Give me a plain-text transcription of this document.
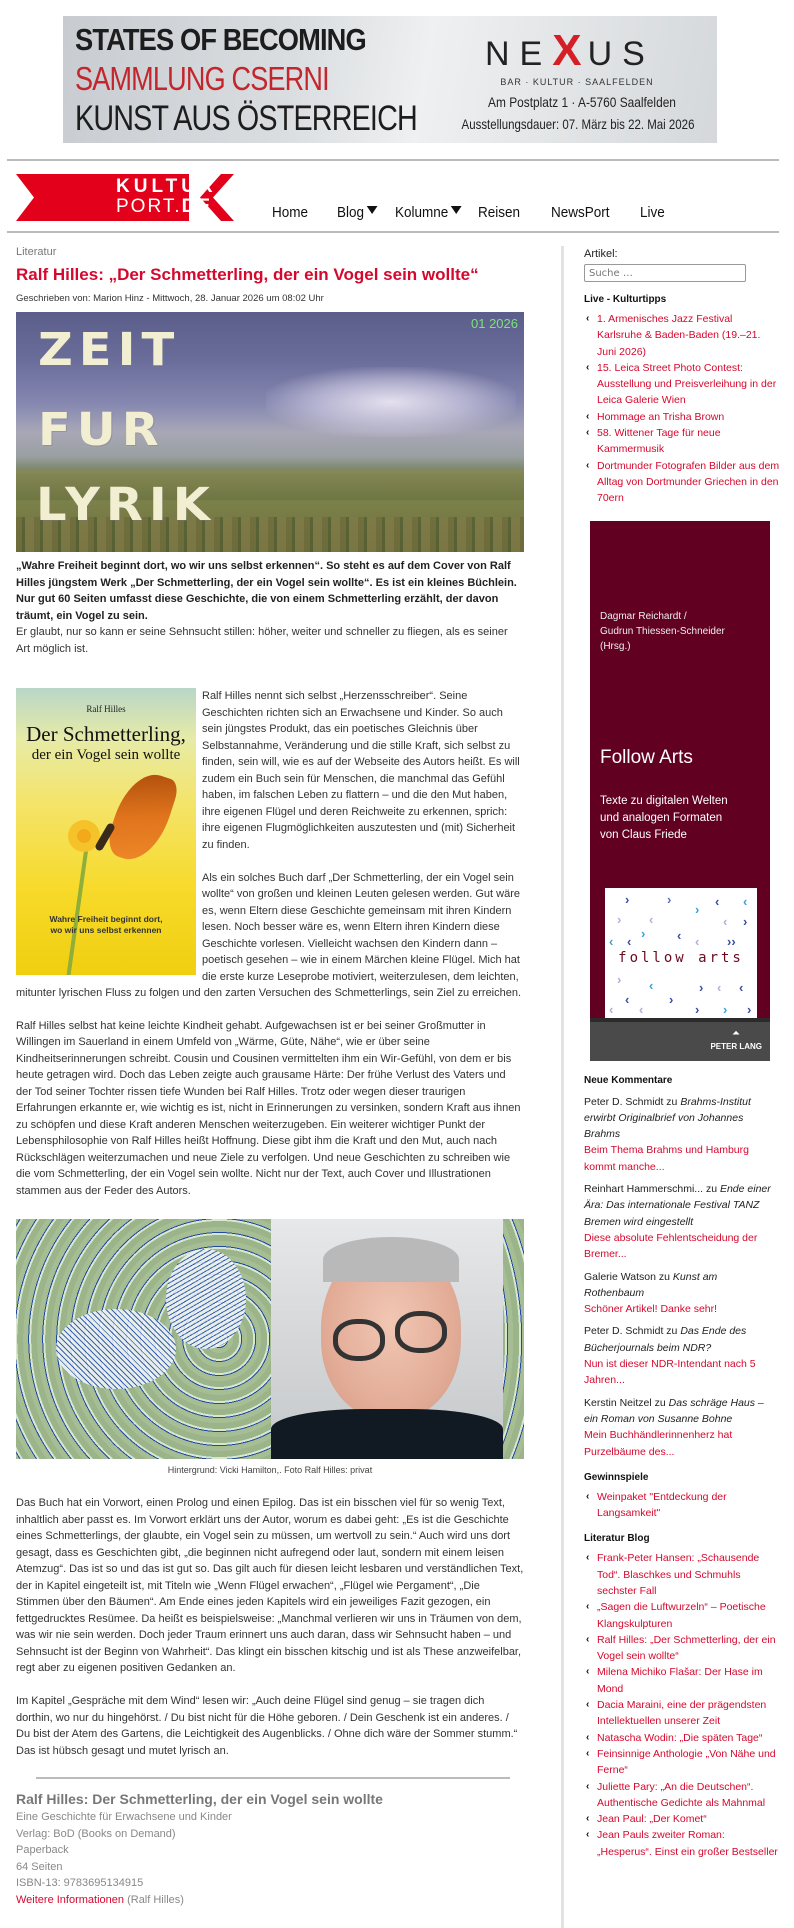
STATES OF BECOMING
SAMMLUNG CSERNI
KUNST AUS ÖSTERREICH
NEXUS
BAR · KULTUR · SAALFELDEN
Am Postplatz 1 · A-5760 Saalfelden
Ausstellungsdauer: 07. März bis 22. Mai 2026
KULTUR
PORT.DE	Home Blog	Kolumne	Reisen NewsPort Live
Literatur
Ralf Hilles: „Der Schmetterling, der ein Vogel sein wollte“
Geschrieben von: Marion Hinz - Mittwoch, 28. Januar 2026 um 08:02 Uhr
ZEIT
FUR
LYRIK
01 2026

„Wahre Freiheit beginnt dort, wo wir uns selbst erkennen“. So steht es auf dem Cover von Ralf Hilles jüngstem Werk „Der Schmetterling, der ein Vogel sein wollte“. Es ist ein kleines Büchlein. Nur gut 60 Seiten umfasst diese Geschichte, die von einem Schmetterling erzählt, der davon träumt, ein Vogel zu sein.

Er glaubt, nur so kann er seine Sehnsucht stillen: höher, weiter und schneller zu fliegen, als es seiner Art möglich ist.

Ralf Hilles
Der Schmetterling,
der ein Vogel sein wollte
Wahre Freiheit beginnt dort,
wo wir uns selbst erkennen

Ralf Hilles nennt sich selbst „Herzensschreiber“. Seine Geschichten richten sich an Erwachsene und Kinder. So auch sein jüngstes Produkt, das ein poetisches Gleichnis über Selbstannahme, Veränderung und die stille Kraft, sich selbst zu finden, sein will, wie es auf der Webseite des Autors heißt. Es will zudem ein Buch sein für Menschen, die manchmal das Gefühl haben, im falschen Leben zu flattern – und die den Mut haben, ihre eigenen Flügel und deren Reichweite zu erkennen, sprich: ihre eigenen Flugmöglichkeiten auszutesten und (mit) Sicherheit zu finden.

Als ein solches Buch darf „Der Schmetterling, der ein Vogel sein wollte“ von großen und kleinen Leuten gelesen werden. Gut wäre es, wenn Eltern diese Geschichte gemeinsam mit ihren Kindern lesen. Noch besser wäre es, wenn Eltern ihren Kindern diese Geschichte vorlesen. Vielleicht wachsen den Kindern dann – poetisch gesehen – wie in einem Märchen kleine Flügel. Mich hat die erste kurze Leseprobe motiviert, weiterzulesen, dem leichten, mitunter lyrischen Fluss zu folgen und den zarten Versuchen des Schmetterlings, sein Ziel zu erreichen.

Ralf Hilles selbst hat keine leichte Kindheit gehabt. Aufgewachsen ist er bei seiner Großmutter in Willingen im Sauerland in einem Umfeld von „Wärme, Güte, Nähe“, wie er über seine Kindheitserinnerungen schreibt. Cousin und Cousinen vermittelten ihm ein Wir-Gefühl, von dem er bis heute getragen wird. Doch das Leben zeigte auch grausame Härte: Der frühe Verlust des Vaters und der Tod seiner Tochter rissen tiefe Wunden bei Ralf Hilles. Trotz oder wegen dieser traurigen Erfahrungen erkannte er, wie wichtig es ist, nicht in Erinnerungen zu versinken, sondern Kraft aus ihnen zu schöpfen und diese Kraft anderen Menschen weiterzugeben. Ein weiterer wichtiger Punkt der Lebensphilosophie von Ralf Hilles heißt Hoffnung. Diese gibt ihm die Kraft und den Mut, auch nach Rückschlägen weiterzumachen und neue Ziele zu verfolgen. Und neue Geschichten zu schreiben wie die vom Schmetterling, der ein Vogel sein wollte. Nicht nur der Text, auch Cover und Illustrationen stammen aus der Feder des Autors.

Hintergrund: Vicki Hamilton,. Foto Ralf Hilles: privat

Das Buch hat ein Vorwort, einen Prolog und einen Epilog. Das ist ein bisschen viel für so wenig Text, inhaltlich aber passt es. Im Vorwort erklärt uns der Autor, worum es dabei geht: „Es ist die Geschichte eines Schmetterlings, der glaubte, ein Vogel sein zu müssen, um wertvoll zu sein.“ Auch wird uns dort gesagt, dass es Geschichten gibt, „die beginnen nicht aufregend oder laut, sondern mit einem leisen Atemzug“. Das ist so und das ist gut so. Das gilt auch für diesen leicht lesbaren und verständlichen Text, der in Kapitel eingeteilt ist, mit Titeln wie „Wenn Flügel erwachen“, „Flügel wie Pergament“, „Die Stimmen über den Bäumen“. Am Ende eines jeden Kapitels wird ein jeweiliges Fazit gezogen, ein fettgedrucktes Resümee. Da heißt es beispielsweise: „Manchmal verlieren wir uns in Träumen von dem, was wir nie sein werden. Doch jeder Traum erinnert uns auch daran, dass wir Sehnsucht haben – und Sehnsucht ist der Beginn von Wahrheit“. Das klingt ein bisschen kitschig und ist als These anzweifelbar, regt aber zu eigenen positiven Gedanken an.

Im Kapitel „Gespräche mit dem Wind“ lesen wir: „Auch deine Flügel sind genug – sie tragen dich dorthin, wo nur du hingehörst. / Du bist nicht für die Höhe geboren. / Dein Geschenk ist ein anderes. / Du bist der Atem des Gartens, die Leichtigkeit des Augenblicks. / Ohne dich wäre der Sommer stumm.“ Das ist hübsch gesagt und mutet lyrisch an.

Ralf Hilles: Der Schmetterling, der ein Vogel sein wollte
Eine Geschichte für Erwachsene und Kinder
Verlag: BoD (Books on Demand)
Paperback
64 Seiten
ISBN-13: 9783695134915
Weitere Informationen (Ralf Hilles)
Artikel:
Suche …
Live - Kulturtipps
‹ 1. Armenisches Jazz Festival Karlsruhe & Baden-Baden (19.–21. Juni 2026)
‹ 15. Leica Street Photo Contest: Ausstellung und Preisverleihung in der Leica Galerie Wien
‹ Hommage an Trisha Brown
‹ 58. Wittener Tage für neue Kammermusik
‹ Dortmunder Fotografen Bilder aus dem Alltag von Dortmunder Griechen in den 70ern
Dagmar Reichardt /
Gudrun Thiessen-Schneider
(Hrsg.)
Follow Arts
Texte zu digitalen Welten
und analogen Formaten
von Claus Friede
›	›	‹ ‹
›
› ‹	‹ ›
› ‹
‹ ‹	‹ ››
follow arts
› ‹	› ‹ ‹
‹	›
‹ ‹	› › ›
⏶
PETER LANG
Neue Kommentare
Peter D. Schmidt zu Brahms-Institut erwirbt Originalbrief von Johannes Brahms
Beim Thema Brahms und Hamburg kommt manche...
Reinhart Hammerschmi... zu Ende einer Ära: Das internationale Festival TANZ Bremen wird eingestellt
Diese absolute Fehlentscheidung der Bremer...
Galerie Watson zu Kunst am Rothenbaum
Schöner Artikel! Danke sehr!
Peter D. Schmidt zu Das Ende des Bücherjournals beim NDR?
Nun ist dieser NDR-Intendant nach 5 Jahren...
Kerstin Neitzel zu Das schräge Haus – ein Roman von Susanne Bohne
Mein Buchhändlerinnenherz hat Purzelbäume des...
Gewinnspiele
‹ Weinpaket "Entdeckung der Langsamkeit"
Literatur Blog
‹ Frank-Peter Hansen: „Schausende Tod“. Blaschkes und Schmuhls sechster Fall
‹ „Sagen die Luftwurzeln“ – Poetische Klangskulpturen
‹ Ralf Hilles: „Der Schmetterling, der ein Vogel sein wollte“
‹ Milena Michiko Flašar: Der Hase im Mond
‹ Dacia Maraini, eine der prägendsten Intellektuellen unserer Zeit
‹ Natascha Wodin: „Die späten Tage“
‹ Feinsinnige Anthologie „Von Nähe und Ferne“
‹ Juliette Pary: „An die Deutschen“. Authentische Gedichte als Mahnmal
‹ Jean Paul: „Der Komet“
‹ Jean Pauls zweiter Roman: „Hesperus“. Einst ein großer Bestseller
